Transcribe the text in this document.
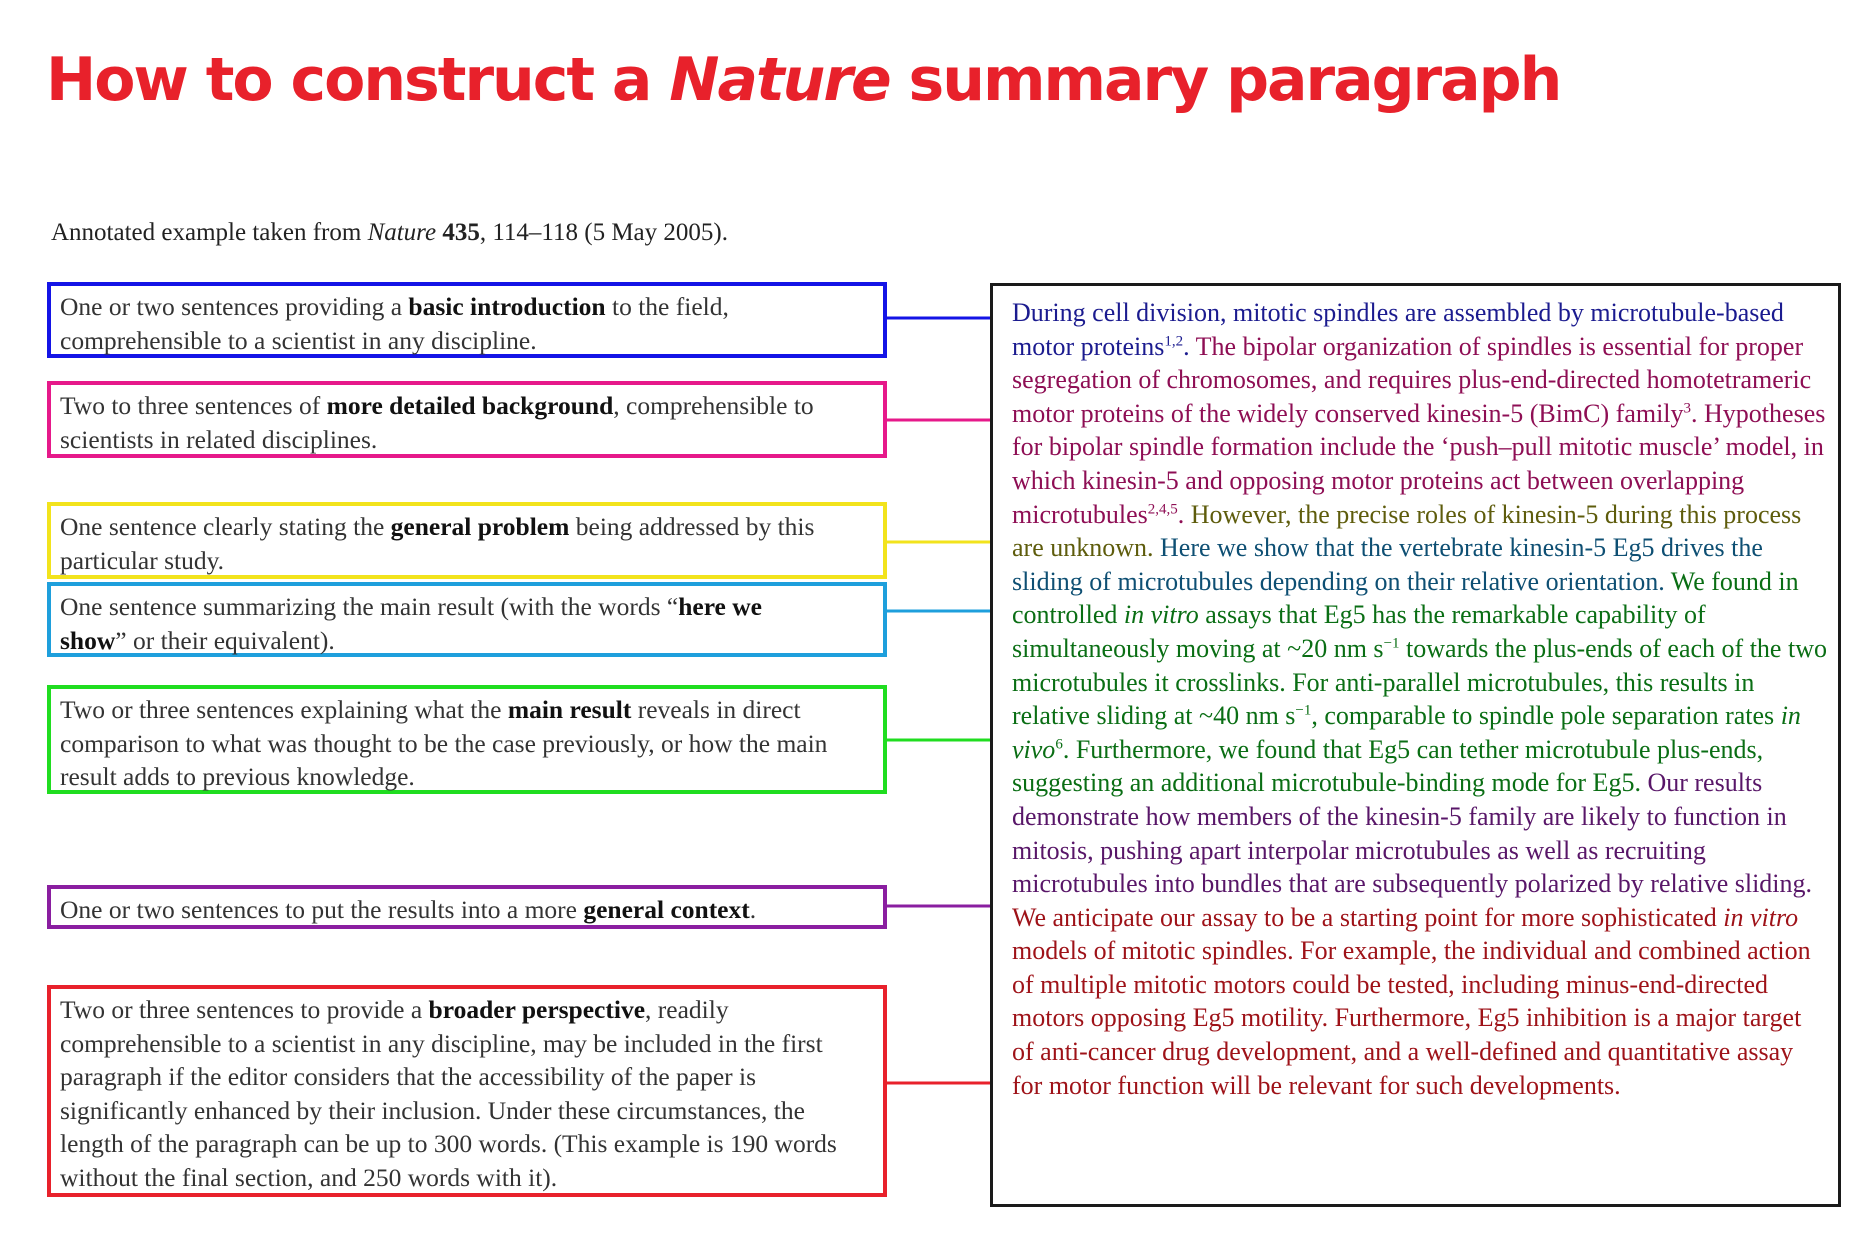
How to construct a Nature summary paragraph
Annotated example taken from Nature 435, 114–118 (5 May 2005).
One or two sentences providing a basic introduction to the field, comprehensible to a scientist in any discipline.
Two to three sentences of more detailed background, comprehensible to scientists in related disciplines.
One sentence clearly stating the general problem being addressed by this particular study.
One sentence summarizing the main result (with the words “here we
show” or their equivalent).
Two or three sentences explaining what the main result reveals in direct comparison to what was thought to be the case previously, or how the main result adds to previous knowledge.
One or two sentences to put the results into a more general context.
Two or three sentences to provide a broader perspective, readily comprehensible to a scientist in any discipline, may be included in the first paragraph if the editor considers that the accessibility of the paper is significantly enhanced by their inclusion. Under these circumstances, the length of the paragraph can be up to 300 words. (This example is 190 words without the final section, and 250 words with it).
During cell division, mitotic spindles are assembled by microtubule-based motor proteins$^{1,2}$. The bipolar organization of spindles is essential for proper segregation of chromosomes, and requires plus-end-directed homotetrameric motor proteins of the widely conserved kinesin-5 (BimC) family$^3$. Hypotheses for bipolar spindle formation include the ‘push–pull mitotic muscle’ model, in which kinesin-5 and opposing motor proteins act between overlapping microtubules$^{2,4,5}$. However, the precise roles of kinesin-5 during this process are unknown. Here we show that the vertebrate kinesin-5 Eg5 drives the sliding of microtubules depending on their relative orientation. We found in controlled in vitro assays that Eg5 has the remarkable capability of simultaneously moving at ~20 nm $s^{-1}$ towards the plus-ends of each of the two microtubules it crosslinks. For anti-parallel microtubules, this results in relative sliding at ~40 nm $s^{-1}$, comparable to spindle pole separation rates in vivo$^6$. Furthermore, we found that Eg5 can tether microtubule plus-ends, suggesting an additional microtubule-binding mode for Eg5. Our results demonstrate how members of the kinesin-5 family are likely to function in mitosis, pushing apart interpolar microtubules as well as recruiting microtubules into bundles that are subsequently polarized by relative sliding. We anticipate our assay to be a starting point for more sophisticated in vitro models of mitotic spindles. For example, the individual and combined action of multiple mitotic motors could be tested, including minus-end-directed motors opposing Eg5 motility. Furthermore, Eg5 inhibition is a major target of anti-cancer drug development, and a well-defined and quantitative assay for motor function will be relevant for such developments.
